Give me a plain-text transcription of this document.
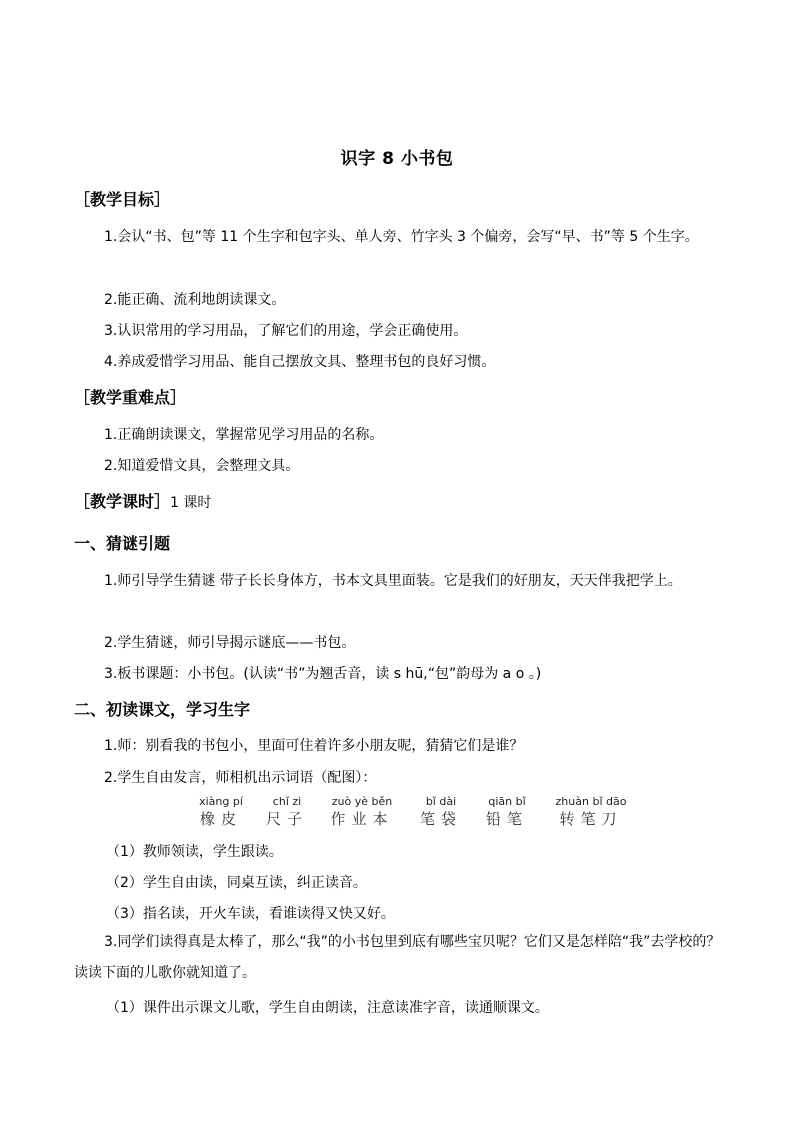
识字 8 小书包
［教学目标］
1.会认“书、包”等 11 个生字和包字头、单人旁、竹字头 3 个偏旁，会写“早、书”等 5 个生字。
2.能正确、流利地朗读课文。
3.认识常用的学习用品，了解它们的用途，学会正确使用。
4.养成爱惜学习用品、能自己摆放文具、整理书包的良好习惯。
［教学重难点］
1.正确朗读课文，掌握常见学习用品的名称。
2.知道爱惜文具，会整理文具。
［教学课时］1 课时
一、猜谜引题
1.师引导学生猜谜 带子长长身体方，书本文具里面装。它是我们的好朋友，天天伴我把学上。
2.学生猜谜，师引导揭示谜底——书包。
3.板书课题：小书包。(认读“书”为翘舌音，读 s hū,“包”韵母为 a o 。)
二、初读课文，学习生字
1.师：别看我的书包小，里面可住着许多小朋友呢，猜猜它们是谁？
2.学生自由发言，师相机出示词语（配图）：
xiàng pí
橡皮
chǐ zi
尺子
zuò yè běn
作业本
bǐ dài
笔袋
qiān bǐ
铅笔
zhuàn bǐ dāo
转笔刀
（1）教师领读，学生跟读。
（2）学生自由读，同桌互读，纠正读音。
（3）指名读，开火车读，看谁读得又快又好。
3.同学们读得真是太棒了，那么“我”的小书包里到底有哪些宝贝呢？它们又是怎样陪“我”去学校的？读读下面的儿歌你就知道了。
（1）课件出示课文儿歌，学生自由朗读，注意读准字音，读通顺课文。
